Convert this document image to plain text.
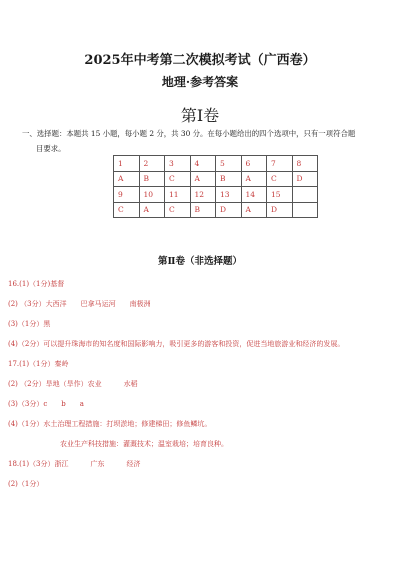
2025年中考第二次模拟考试（广西卷）
地理·参考答案
第Ⅰ卷
一、选择题：本题共 15 小题，每小题 2 分，共 30 分。在每小题给出的四个选项中，只有一项符合题
目要求。
1	2	3	4	5	6	7	8
A	B	C	A	B	A	C	D
9	10	11	12	13	14	15	
C	A	C	B	D	A	D	
第Ⅱ卷（非选择题）
16.(1)（1分)基督
(2) （3分）大西洋 巴拿马运河 南极洲
(3)（1分）黑
(4)（2分）可以提升珠海市的知名度和国际影响力，吸引更多的游客和投资，促进当地旅游业和经济的发展。
17.(1)（1分）秦岭
(2) （2分）旱地（旱作）农业	水稻
(3)（3分）c b a
(4)（1分）水土治理工程措施：打坝淤地；修建梯田；修鱼鳞坑。
农业生产科技措施：灌溉技术；温室栽培；培育良种。
18.(1)（3分）浙江	广东	经济
(2)（1分）
